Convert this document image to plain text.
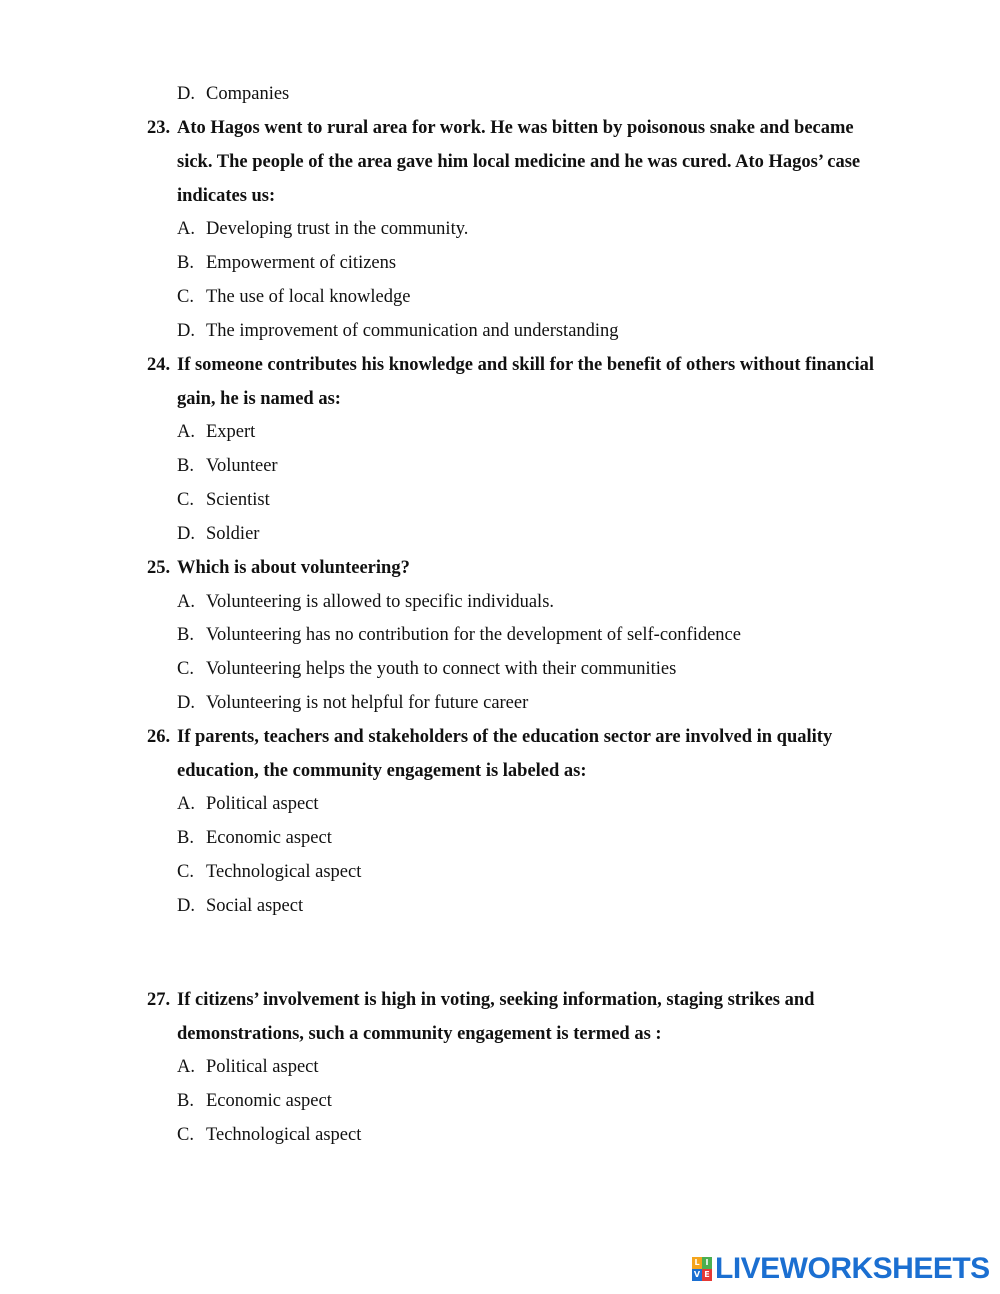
D. Companies
23. Ato Hagos went to rural area for work. He was bitten by poisonous snake and became
sick. The people of the area gave him local medicine and he was cured. Ato Hagos’ case
indicates us:
A. Developing trust in the community.
B. Empowerment of citizens
C. The use of local knowledge
D. The improvement of communication and understanding
24. If someone contributes his knowledge and skill for the benefit of others without financial
gain, he is named as:
A. Expert
B. Volunteer
C. Scientist
D. Soldier
25. Which is about volunteering?
A. Volunteering is allowed to specific individuals.
B. Volunteering has no contribution for the development of self-confidence
C. Volunteering helps the youth to connect with their communities
D. Volunteering is not helpful for future career
26. If parents, teachers and stakeholders of the education sector are involved in quality
education, the community engagement is labeled as:
A. Political aspect
B. Economic aspect
C. Technological aspect
D. Social aspect
27. If citizens’ involvement is high in voting, seeking information, staging strikes and
demonstrations, such a community engagement is termed as :
A. Political aspect
B. Economic aspect
C. Technological aspect
L I
V E LIVEWORKSHEETS
